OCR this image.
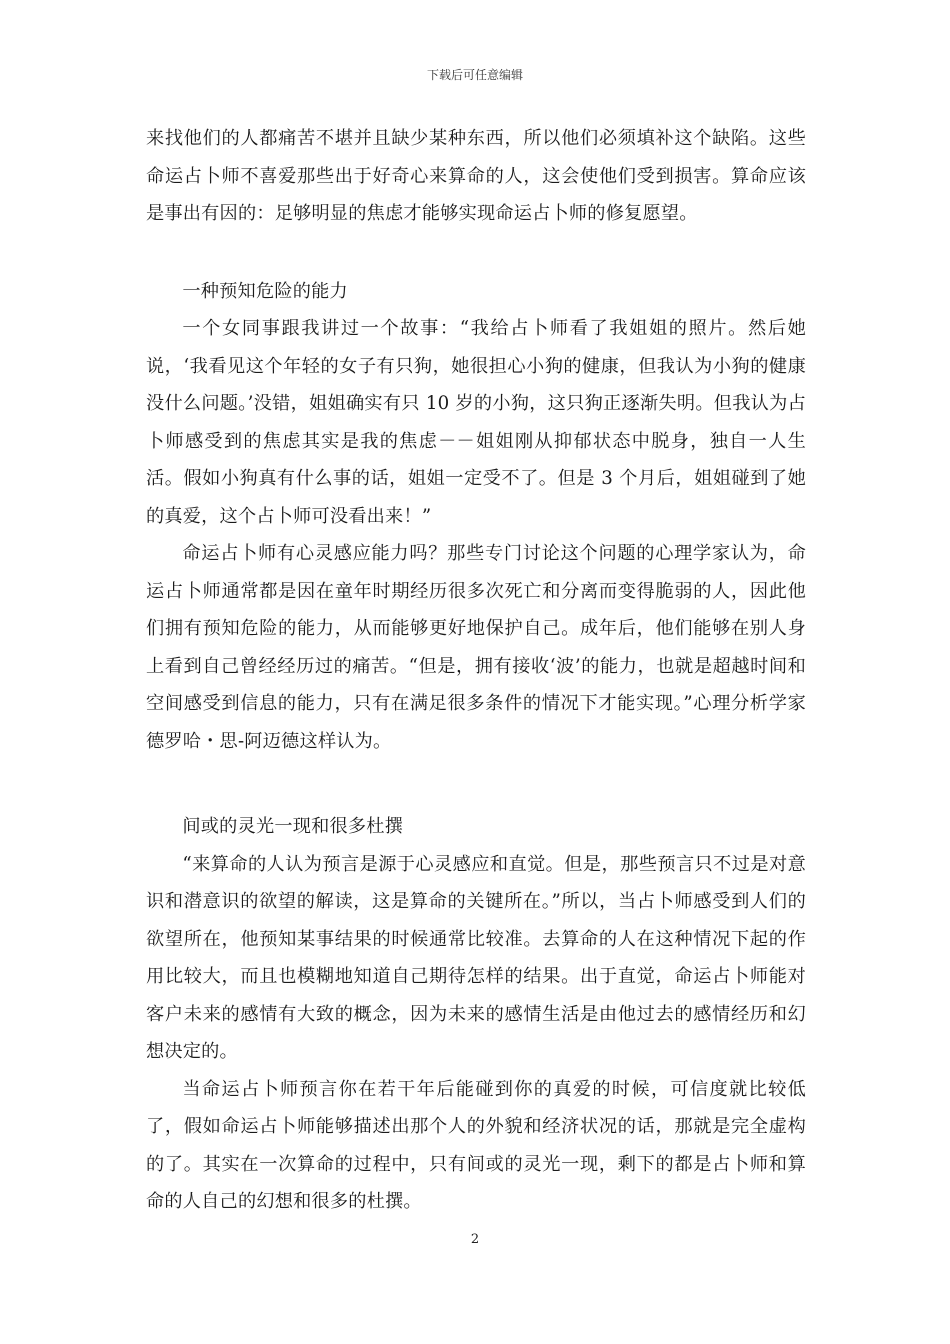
下载后可任意编辑

来找他们的人都痛苦不堪并且缺少某种东西，所以他们必须填补这个缺陷。这些命运占卜师不喜爱那些出于好奇心来算命的人，这会使他们受到损害。算命应该是事出有因的：足够明显的焦虑才能够实现命运占卜师的修复愿望。

一种预知危险的能力

一个女同事跟我讲过一个故事：“我给占卜师看了我姐姐的照片。然后她说，‘我看见这个年轻的女子有只狗，她很担心小狗的健康，但我认为小狗的健康没什么问题。’没错，姐姐确实有只 10 岁的小狗，这只狗正逐渐失明。但我认为占卜师感受到的焦虑其实是我的焦虑－－姐姐刚从抑郁状态中脱身，独自一人生活。假如小狗真有什么事的话，姐姐一定受不了。但是 3 个月后，姐姐碰到了她的真爱，这个占卜师可没看出来！”

命运占卜师有心灵感应能力吗？那些专门讨论这个问题的心理学家认为，命运占卜师通常都是因在童年时期经历很多次死亡和分离而变得脆弱的人，因此他们拥有预知危险的能力，从而能够更好地保护自己。成年后，他们能够在别人身上看到自己曾经经历过的痛苦。“但是，拥有接收‘波’的能力，也就是超越时间和空间感受到信息的能力，只有在满足很多条件的情况下才能实现。”心理分析学家德罗哈・思-阿迈德这样认为。

间或的灵光一现和很多杜撰

“来算命的人认为预言是源于心灵感应和直觉。但是，那些预言只不过是对意识和潜意识的欲望的解读，这是算命的关键所在。”所以，当占卜师感受到人们的欲望所在，他预知某事结果的时候通常比较准。去算命的人在这种情况下起的作用比较大，而且也模糊地知道自己期待怎样的结果。出于直觉，命运占卜师能对客户未来的感情有大致的概念，因为未来的感情生活是由他过去的感情经历和幻想决定的。

当命运占卜师预言你在若干年后能碰到你的真爱的时候，可信度就比较低了，假如命运占卜师能够描述出那个人的外貌和经济状况的话，那就是完全虚构的了。其实在一次算命的过程中，只有间或的灵光一现，剩下的都是占卜师和算命的人自己的幻想和很多的杜撰。

2
